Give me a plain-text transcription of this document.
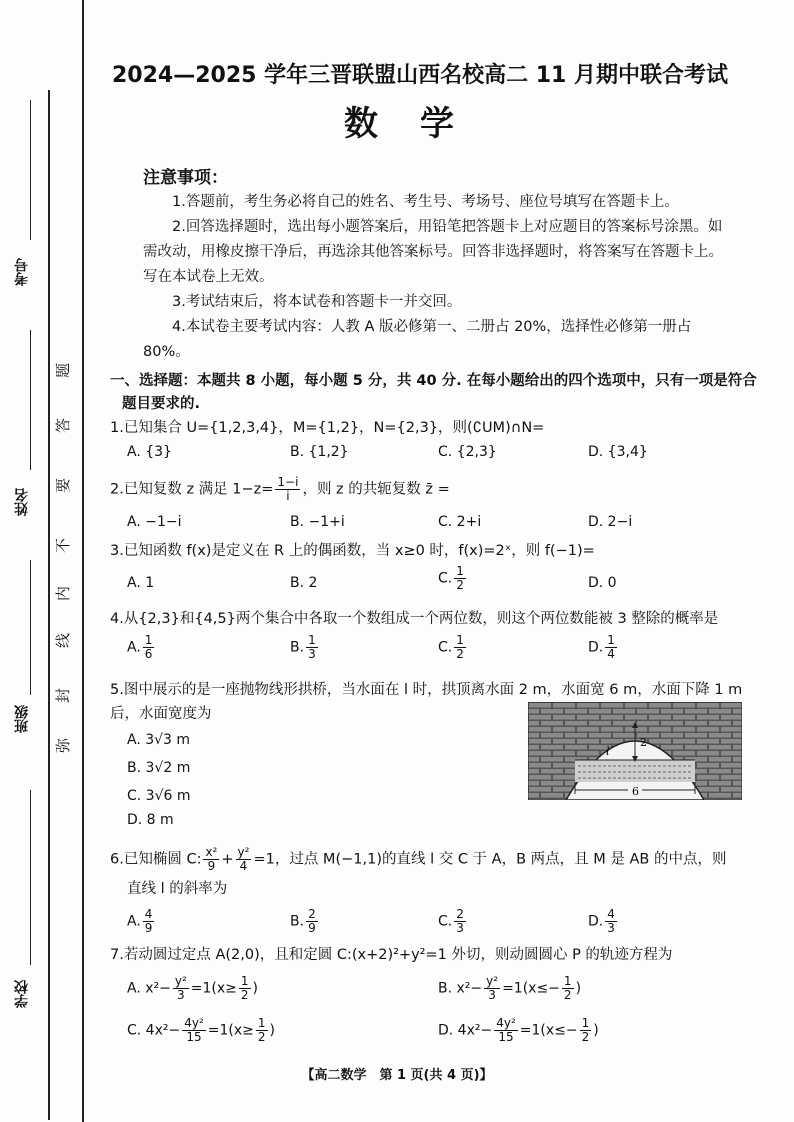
考号
姓名
班级
学校
弥
封
线
内
不
要
答
题
2024—2025 学年三晋联盟山西名校高二 11 月期中联合考试
数学
注意事项：
1.答题前，考生务必将自己的姓名、考生号、考场号、座位号填写在答题卡上。
2.回答选择题时，选出每小题答案后，用铅笔把答题卡上对应题目的答案标号涂黑。如需改动，用橡皮擦干净后，再选涂其他答案标号。回答非选择题时，将答案写在答题卡上。写在本试卷上无效。
3.考试结束后，将本试卷和答题卡一并交回。
4.本试卷主要考试内容：人教 A 版必修第一、二册占 20%，选择性必修第一册占 80%。
一、选择题：本题共 8 小题，每小题 5 分，共 40 分. 在每小题给出的四个选项中，只有一项是符合题目要求的.
1.已知集合 U={1,2,3,4}，M={1,2}，N={2,3}，则(∁UM)∩N=
A. {3}	B. {1,2}	C. {2,3}	D. {3,4}
2.已知复数 z 满足 $1-z= \frac{1-i}{i}$ ，则 z 的共轭复数 z̄ =
A. −1−i	B. −1+i	C. 2+i	D. 2−i
3.已知函数 f(x)是定义在 R 上的偶函数，当 x≥0 时，f(x)=2ˣ，则 f(−1)=
A. 1	B. 2	C. $\frac{1}{2}$	D. 0
4.从{2,3}和{4,5}两个集合中各取一个数组成一个两位数，则这个两位数能被 3 整除的概率是
A. $\frac{1}{6}$	B. $\frac{1}{3}$	C. $\frac{1}{2}$	D. $\frac{1}{4}$
5.图中展示的是一座抛物线形拱桥，当水面在 l 时，拱顶离水面 2 m，水面宽 6 m，水面下降 1 m 后，水面宽度为
A. 3√3 m
B. 3√2 m
C. 3√6 m
D. 8 m
2
l
6
6.已知椭圆 C: $\frac{\text{x²}}{9} + \frac{\text{y²}}{4} =1$，过点 M(−1,1)的直线 l 交 C 于 A，B 两点，且 M 是 AB 的中点，则
直线 l 的斜率为
A. $\frac{4}{9}$	B. $\frac{2}{9}$	C. $\frac{2}{3}$	D. $\frac{4}{3}$
7.若动圆过定点 A(2,0)，且和定圆 C:(x+2)²+y²=1 外切，则动圆圆心 P 的轨迹方程为
A. $x^2- \frac{\text{y²}}{3} =1(x\ge \frac{1}{2}$ )	B. $x^2- \frac{\text{y²}}{3} =1(x\le- \frac{1}{2}$ )
C. $4x^2- \frac{\text{4y²}}{15} =1(x\ge \frac{1}{2}$ )	D. $4x^2- \frac{\text{4y²}}{15} =1(x\le- \frac{1}{2}$ )
【高二数学　第 1 页(共 4 页)】
